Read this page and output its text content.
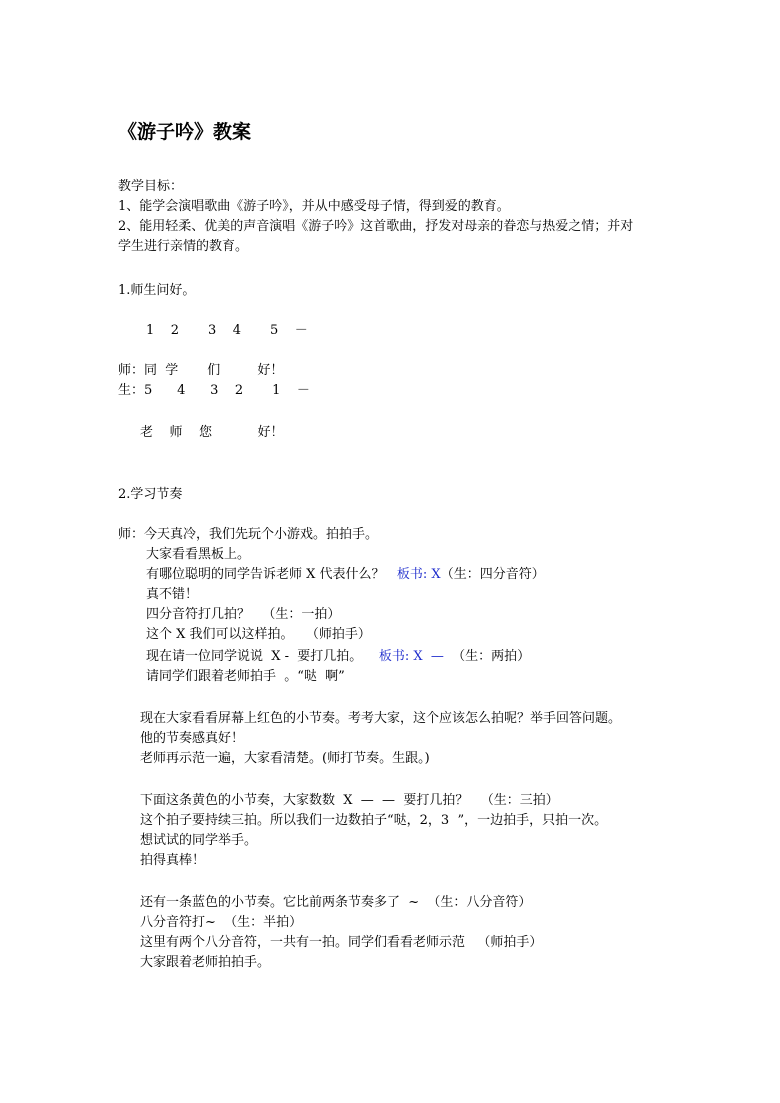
《游子吟》教案
教学目标：
1、能学会演唱歌曲《游子吟》，并从中感受母子情，得到爱的教育。
2、能用轻柔、优美的声音演唱《游子吟》这首歌曲，抒发对母亲的眷恋与热爱之情；并对
学生进行亲情的教育。
1.师生问好。
1    2       3    4       5    －
师：同  学       们         好！
生：5      4      3    2       1    －
老    师    您           好！
2.学习节奏
师：今天真冷，我们先玩个小游戏。拍拍手。
大家看看黑板上。
有哪位聪明的同学告诉老师 X 代表什么？   板书: X（生：四分音符）
真不错！
四分音符打几拍？   （生：一拍）
这个 X 我们可以这样拍。   （师拍手）
现在请一位同学说说  X -  要打几拍。    板书: X  —  （生：两拍）
请同学们跟着老师拍手  。“哒  啊”
现在大家看看屏幕上红色的小节奏。考考大家，这个应该怎么拍呢？举手回答问题。
他的节奏感真好！
老师再示范一遍，大家看清楚。(师打节奏。生跟。)
下面这条黄色的小节奏，大家数数  X  —  —  要打几拍？   （生：三拍）
这个拍子要持续三拍。所以我们一边数拍子“哒，2，3  ”，一边拍手，只拍一次。
想试试的同学举手。
拍得真棒！
还有一条蓝色的小节奏。它比前两条节奏多了  ~  （生：八分音符）
八分音符打~  （生：半拍）
这里有两个八分音符，一共有一拍。同学们看看老师示范   （师拍手）
大家跟着老师拍拍手。
